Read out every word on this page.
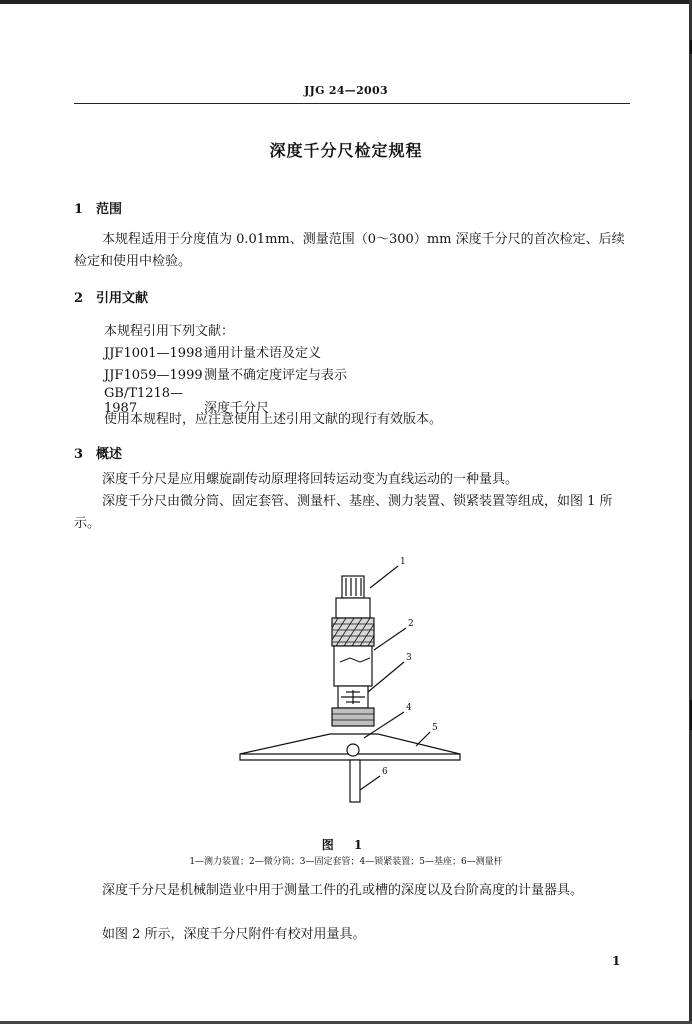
JJG 24—2003
深度千分尺检定规程
1 范围
本规程适用于分度值为 0.01mm、测量范围（0～300）mm 深度千分尺的首次检定、后续检定和使用中检验。
2 引用文献
本规程引用下列文献：
JJF1001—1998通用计量术语及定义
JJF1059—1999测量不确定度评定与表示
GB/T1218—1987	深度千分尺
使用本规程时，应注意使用上述引用文献的现行有效版本。
3 概述
深度千分尺是应用螺旋副传动原理将回转运动变为直线运动的一种量具。
深度千分尺由微分筒、固定套管、测量杆、基座、测力装置、锁紧装置等组成，如图 1 所示。
1
2
3
4
5
6
图 1
1—测力装置；2—微分筒；3—固定套管；4—锁紧装置；5—基座；6—测量杆
深度千分尺是机械制造业中用于测量工件的孔或槽的深度以及台阶高度的计量器具。
如图 2 所示，深度千分尺附件有校对用量具。
1
